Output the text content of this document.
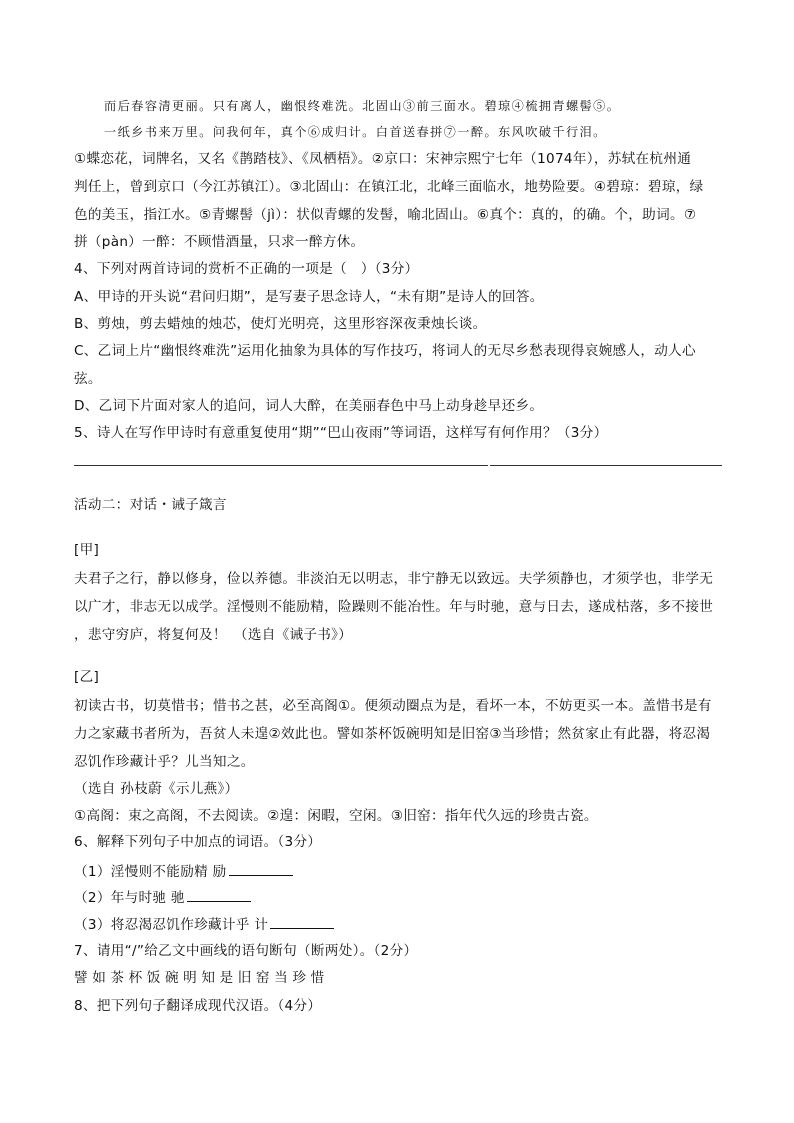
而后春容清更丽。只有离人，幽恨终难洗。北固山③前三面水。碧琼④梳拥青螺髻⑤。
一纸乡书来万里。问我何年，真个⑥成归计。白首送春拼⑦一醉。东风吹破千行泪。
①蝶恋花，词牌名，又名《鹊踏枝》、《凤栖梧》。②京口：宋神宗熙宁七年（1074年），苏轼在杭州通
判任上，曾到京口（今江苏镇江）。③北固山：在镇江北，北峰三面临水，地势险要。④碧琼：碧琼，绿
色的美玉，指江水。⑤青螺髻（jì）：状似青螺的发髻，喻北固山。⑥真个：真的，的确。个，助词。⑦
拼（pàn）一醉：不顾惜酒量，只求一醉方休。
4、下列对两首诗词的赏析不正确的一项是（　）（3分）
A、甲诗的开头说“君问归期”，是写妻子思念诗人，“未有期”是诗人的回答。
B、剪烛，剪去蜡烛的烛芯，使灯光明亮，这里形容深夜秉烛长谈。
C、乙词上片“幽恨终难洗”运用化抽象为具体的写作技巧，将词人的无尽乡愁表现得哀婉感人，动人心
弦。
D、乙词下片面对家人的追问，词人大醉，在美丽春色中马上动身趁早还乡。
5、诗人在写作甲诗时有意重复使用“期”“巴山夜雨”等词语，这样写有何作用？（3分）
活动二：对话・诫子箴言
[甲]
夫君子之行，静以修身，俭以养德。非淡泊无以明志，非宁静无以致远。夫学须静也，才须学也，非学无
以广才，非志无以成学。淫慢则不能励精，险躁则不能冶性。年与时驰，意与日去，遂成枯落，多不接世
，悲守穷庐，将复何及！　（选自《诫子书》）
[乙]
初读古书，切莫惜书；惜书之甚，必至高阁①。便须动圈点为是，看坏一本，不妨更买一本。盖惜书是有
力之家藏书者所为，吾贫人未遑②效此也。譬如茶杯饭碗明知是旧窑③当珍惜；然贫家止有此器，将忍渴
忍饥作珍藏计乎？儿当知之。
（选自 孙枝蔚《示儿燕》）
①高阁：束之高阁，不去阅读。②遑：闲暇，空闲。③旧窑：指年代久远的珍贵古瓷。
6、解释下列句子中加点的词语。（3分）
（1）淫慢则不能励精 励
（2）年与时驰 驰
（3）将忍渴忍饥作珍藏计乎 计
7、请用“/”给乙文中画线的语句断句（断两处）。（2分）
譬如茶杯饭碗明知是旧窑当珍惜
8、把下列句子翻译成现代汉语。（4分）
